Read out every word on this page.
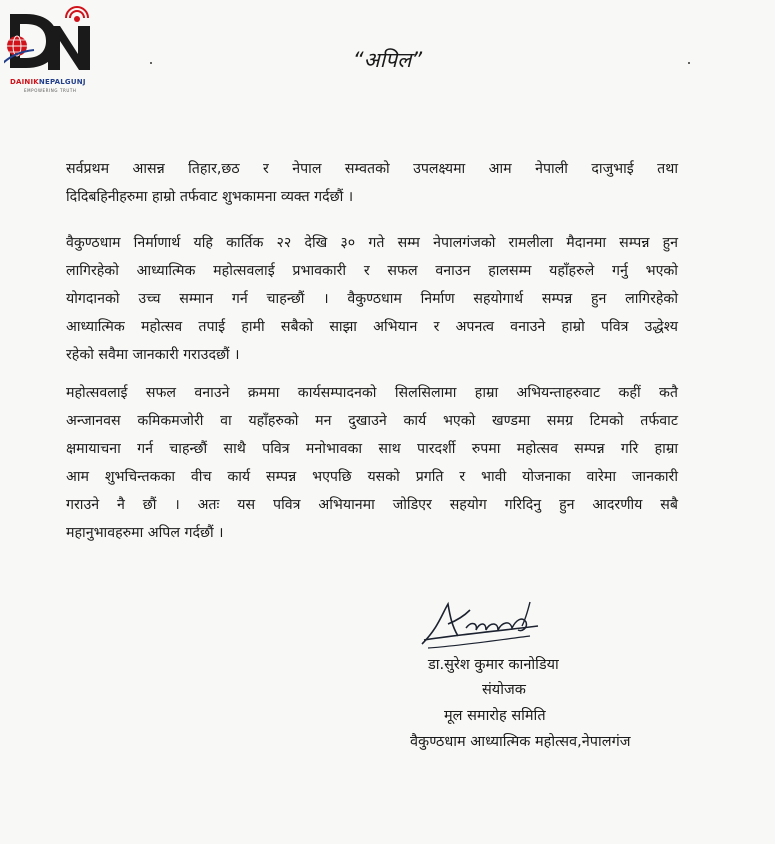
DAINIKNEPALGUNJ
EMPOWERING TRUTH
“अपिल”
सर्वप्रथम आसन्न तिहार,छठ र नेपाल सम्वतको उपलक्ष्यमा आम नेपाली दाजुभाई तथा
दिदिबहिनीहरुमा हाम्रो तर्फवाट शुभकामना व्यक्त गर्दछौं ।
वैकुण्ठधाम निर्माणार्थ यहि कार्तिक २२ देखि ३० गते सम्म नेपालगंजको रामलीला मैदानमा सम्पन्न हुन
लागिरहेको आध्यात्मिक महोत्सवलाई प्रभावकारी र सफल वनाउन हालसम्म यहाँहरुले गर्नु भएको
योगदानको उच्च सम्मान गर्न चाहन्छौं । वैकुण्ठधाम निर्माण सहयोगार्थ सम्पन्न हुन लागिरहेको
आध्यात्मिक महोत्सव तपाई हामी सबैको साझा अभियान र अपनत्व वनाउने हाम्रो पवित्र उद्धेश्य
रहेको सवैमा जानकारी गराउदछौं ।
महोत्सवलाई सफल वनाउने क्रममा कार्यसम्पादनको सिलसिलामा हाम्रा अभियन्ताहरुवाट कहीं कतै
अन्जानवस कमिकमजोरी वा यहाँहरुको मन दुखाउने कार्य भएको खण्डमा समग्र टिमको तर्फवाट
क्षमायाचना गर्न चाहन्छौं साथै पवित्र मनोभावका साथ पारदर्शी रुपमा महोत्सव सम्पन्न गरि हाम्रा
आम शुभचिन्तकका वीच कार्य सम्पन्न भएपछि यसको प्रगति र भावी योजनाका वारेमा जानकारी
गराउने नै छौं । अतः यस पवित्र अभियानमा जोडिएर सहयोग गरिदिनु हुन आदरणीय सबै
महानुभावहरुमा अपिल गर्दछौं ।
डा.सुरेश कुमार कानोडिया
संयोजक
मूल समारोह समिति
वैकुण्ठधाम आध्यात्मिक महोत्सव,नेपालगंज
